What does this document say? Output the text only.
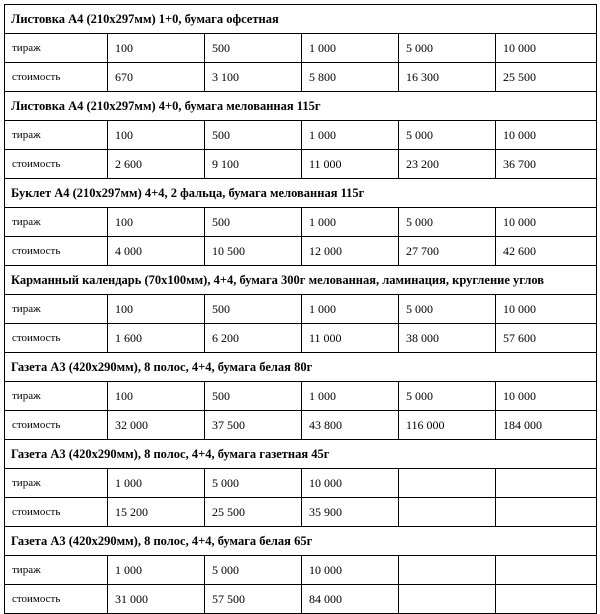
Листовка А4 (210x297мм) 1+0, бумага офсетная					
тираж	100	500	1 000	5 000	10 000
стоимость	670	3 100	5 800	16 300	25 500
Листовка А4 (210x297мм) 4+0, бумага мелованная 115г					
тираж	100	500	1 000	5 000	10 000
стоимость	2 600	9 100	11 000	23 200	36 700
Буклет А4 (210x297мм) 4+4, 2 фальца, бумага мелованная 115г					
тираж	100	500	1 000	5 000	10 000
стоимость	4 000	10 500	12 000	27 700	42 600
Карманный календарь (70x100мм), 4+4, бумага 300г мелованная, ламинация, кругление углов					
тираж	100	500	1 000	5 000	10 000
стоимость	1 600	6 200	11 000	38 000	57 600
Газета А3 (420x290мм), 8 полос, 4+4, бумага белая 80г					
тираж	100	500	1 000	5 000	10 000
стоимость	32 000	37 500	43 800	116 000	184 000
Газета А3 (420x290мм), 8 полос, 4+4, бумага газетная 45г					
тираж	1 000	5 000	10 000		
стоимость	15 200	25 500	35 900		
Газета А3 (420x290мм), 8 полос, 4+4, бумага белая 65г					
тираж	1 000	5 000	10 000		
стоимость	31 000	57 500	84 000		
